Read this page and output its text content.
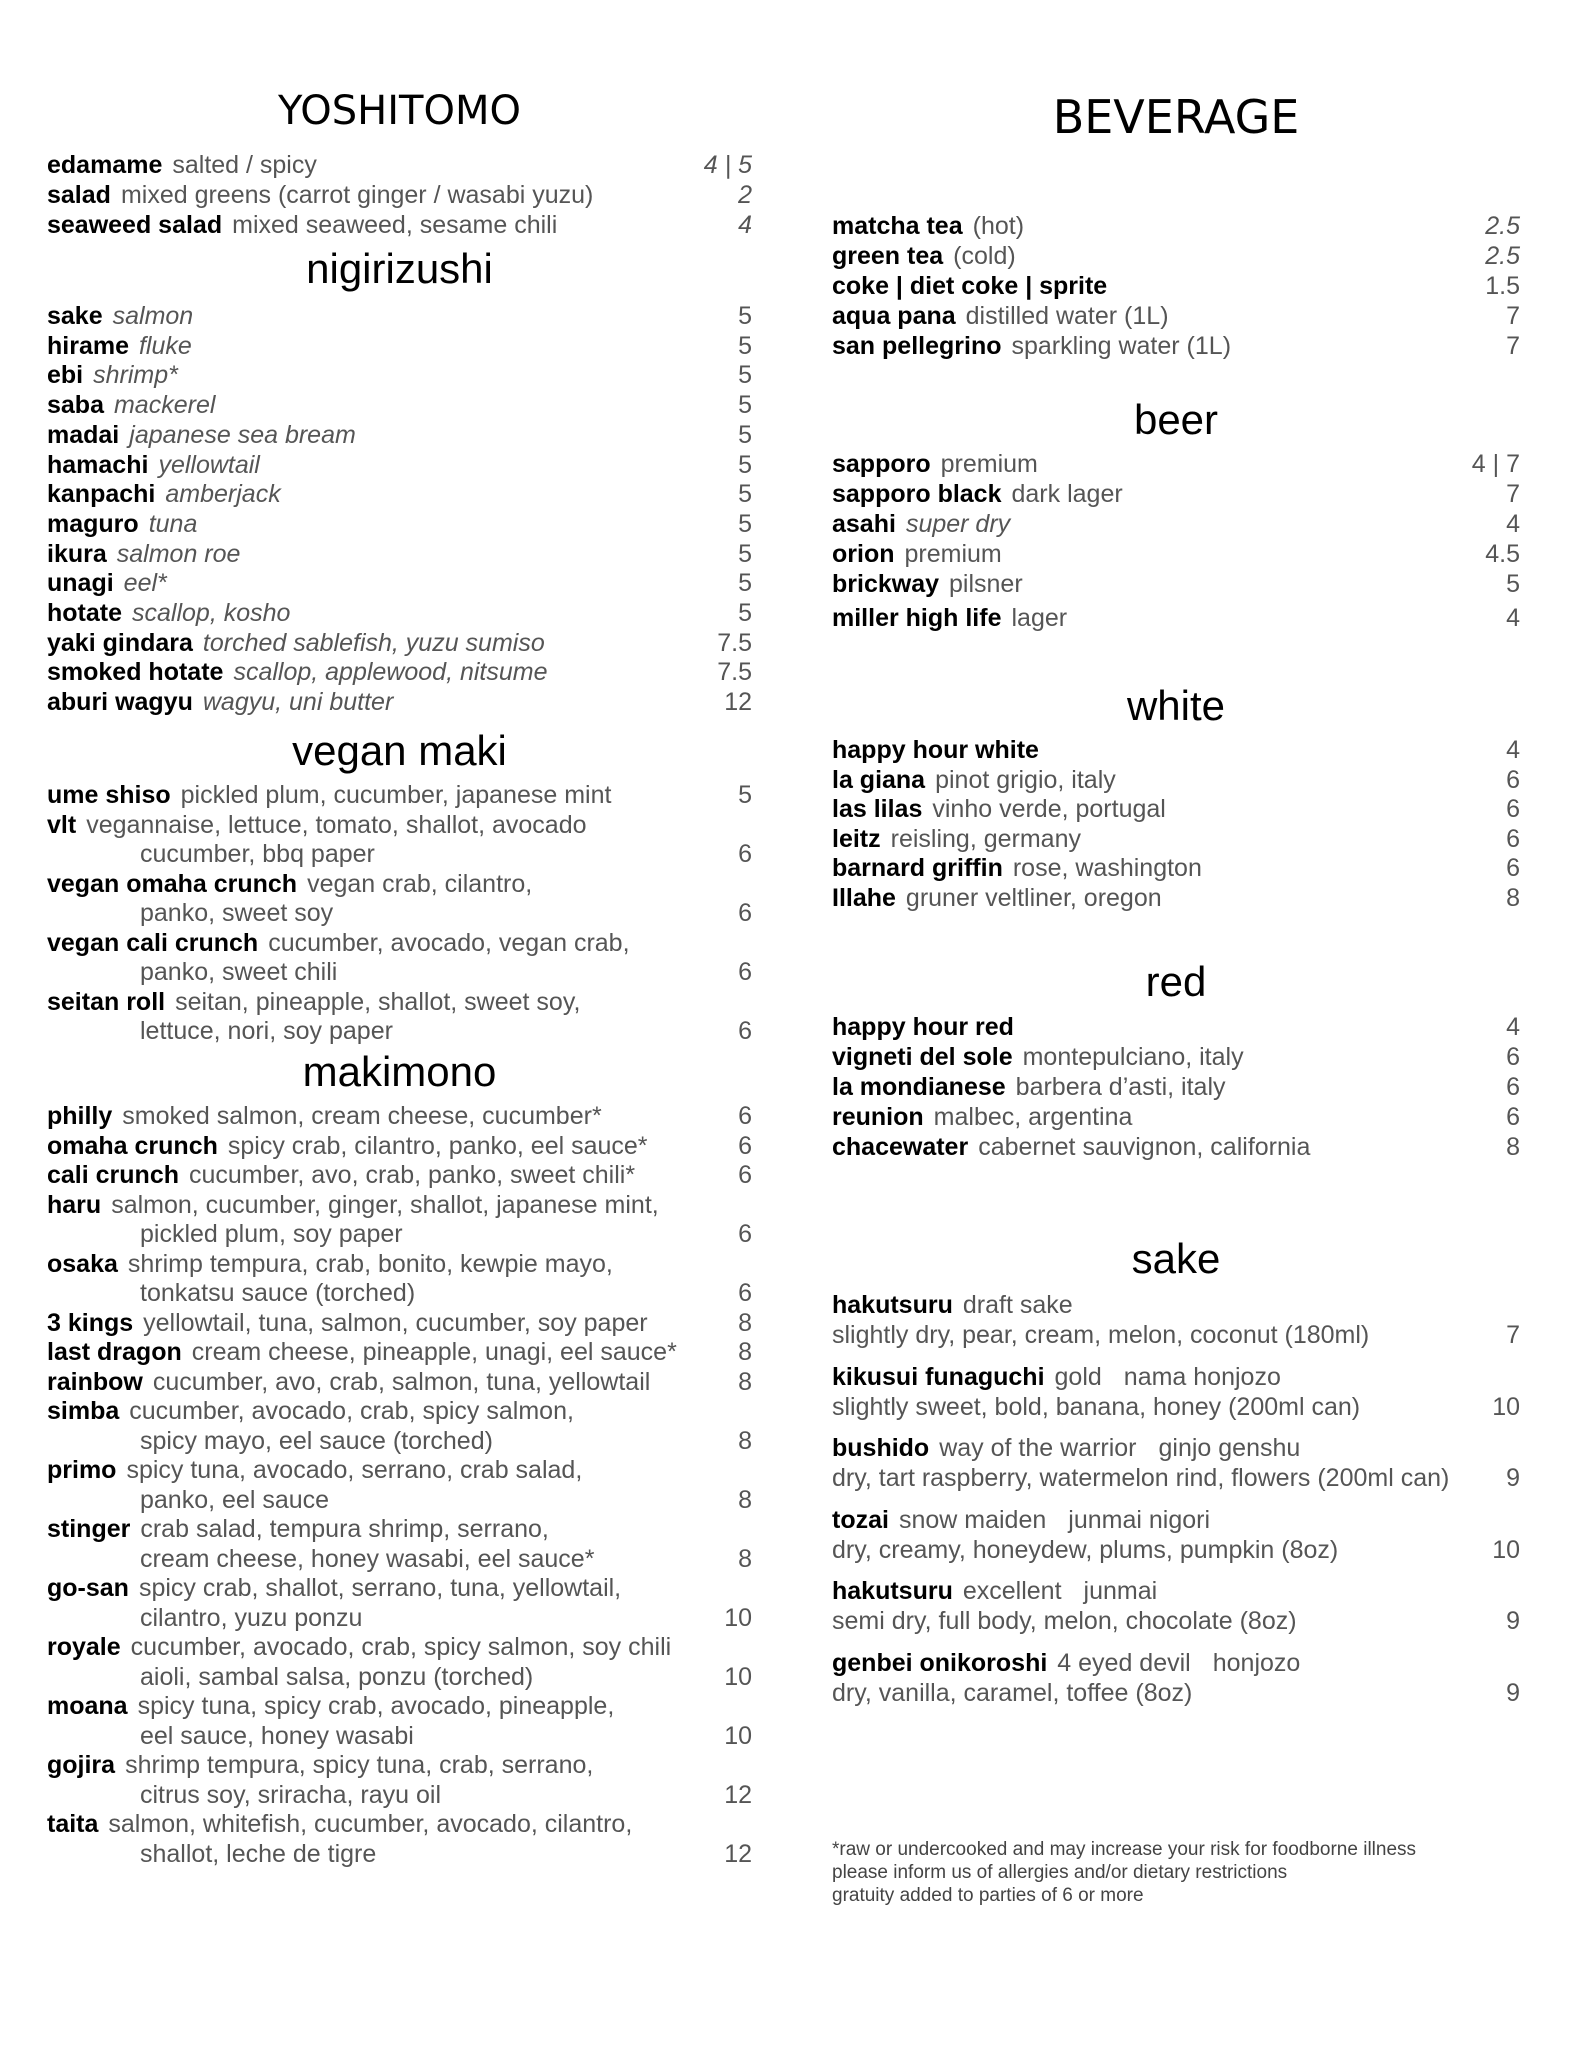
YOSHITOMO
edamame salted / spicy	4 | 5
salad mixed greens (carrot ginger / wasabi yuzu)	2
seaweed salad mixed seaweed, sesame chili	4
nigirizushi
sake salmon	5
hirame fluke	5
ebi shrimp*	5
saba mackerel	5
madai japanese sea bream	5
hamachi yellowtail	5
kanpachi amberjack	5
maguro tuna	5
ikura salmon roe	5
unagi eel*	5
hotate scallop, kosho	5
yaki gindara torched sablefish, yuzu sumiso	7.5
smoked hotate scallop, applewood, nitsume	7.5
aburi wagyu wagyu, uni butter	12
vegan maki
ume shiso pickled plum, cucumber, japanese mint	5
vlt vegannaise, lettuce, tomato, shallot, avocado
cucumber, bbq paper	6
vegan omaha crunch vegan crab, cilantro,
panko, sweet soy	6
vegan cali crunch cucumber, avocado, vegan crab,
panko, sweet chili	6
seitan roll seitan, pineapple, shallot, sweet soy,
lettuce, nori, soy paper	6
makimono
philly smoked salmon, cream cheese, cucumber*	6
omaha crunch spicy crab, cilantro, panko, eel sauce*	6
cali crunch cucumber, avo, crab, panko, sweet chili*	6
haru salmon, cucumber, ginger, shallot, japanese mint,
pickled plum, soy paper	6
osaka shrimp tempura, crab, bonito, kewpie mayo,
tonkatsu sauce (torched)	6
3 kings yellowtail, tuna, salmon, cucumber, soy paper	8
last dragon cream cheese, pineapple, unagi, eel sauce* 8
rainbow cucumber, avo, crab, salmon, tuna, yellowtail	8
simba cucumber, avocado, crab, spicy salmon,
spicy mayo, eel sauce (torched)	8
primo spicy tuna, avocado, serrano, crab salad,
panko, eel sauce	8
stinger crab salad, tempura shrimp, serrano,
cream cheese, honey wasabi, eel sauce*	8
go-san spicy crab, shallot, serrano, tuna, yellowtail,
cilantro, yuzu ponzu	10
royale cucumber, avocado, crab, spicy salmon, soy chili
aioli, sambal salsa, ponzu (torched)	10
moana spicy tuna, spicy crab, avocado, pineapple,
eel sauce, honey wasabi	10
gojira shrimp tempura, spicy tuna, crab, serrano,
citrus soy, sriracha, rayu oil	12
taita salmon, whitefish, cucumber, avocado, cilantro,
shallot, leche de tigre	12
BEVERAGE
matcha tea (hot)	2.5
green tea (cold)	2.5
coke | diet coke | sprite	1.5
aqua pana distilled water (1L)	7
san pellegrino sparkling water (1L)	7
beer
sapporo premium	4 | 7
sapporo black dark lager	7
asahi super dry	4
orion premium	4.5
brickway pilsner	5
miller high life lager	4
white
happy hour white	4
la giana pinot grigio, italy	6
las lilas vinho verde, portugal	6
leitz reisling, germany	6
barnard griffin rose, washington	6
Illahe gruner veltliner, oregon	8
red
happy hour red	4
vigneti del sole montepulciano, italy	6
la mondianese barbera d’asti, italy	6
reunion malbec, argentina	6
chacewater cabernet sauvignon, california	8
sake
hakutsuru draft sake
slightly dry, pear, cream, melon, coconut (180ml)	7
kikusui funaguchi gold nama honjozo
slightly sweet, bold, banana, honey (200ml can)	10
bushido way of the warrior ginjo genshu
dry, tart raspberry, watermelon rind, flowers (200ml can) 9
tozai snow maiden junmai nigori
dry, creamy, honeydew, plums, pumpkin (8oz)	10
hakutsuru excellent junmai
semi dry, full body, melon, chocolate (8oz)	9
genbei onikoroshi 4 eyed devil honjozo
dry, vanilla, caramel, toffee (8oz)	9
*raw or undercooked and may increase your risk for foodborne illness
please inform us of allergies and/or dietary restrictions
gratuity added to parties of 6 or more
